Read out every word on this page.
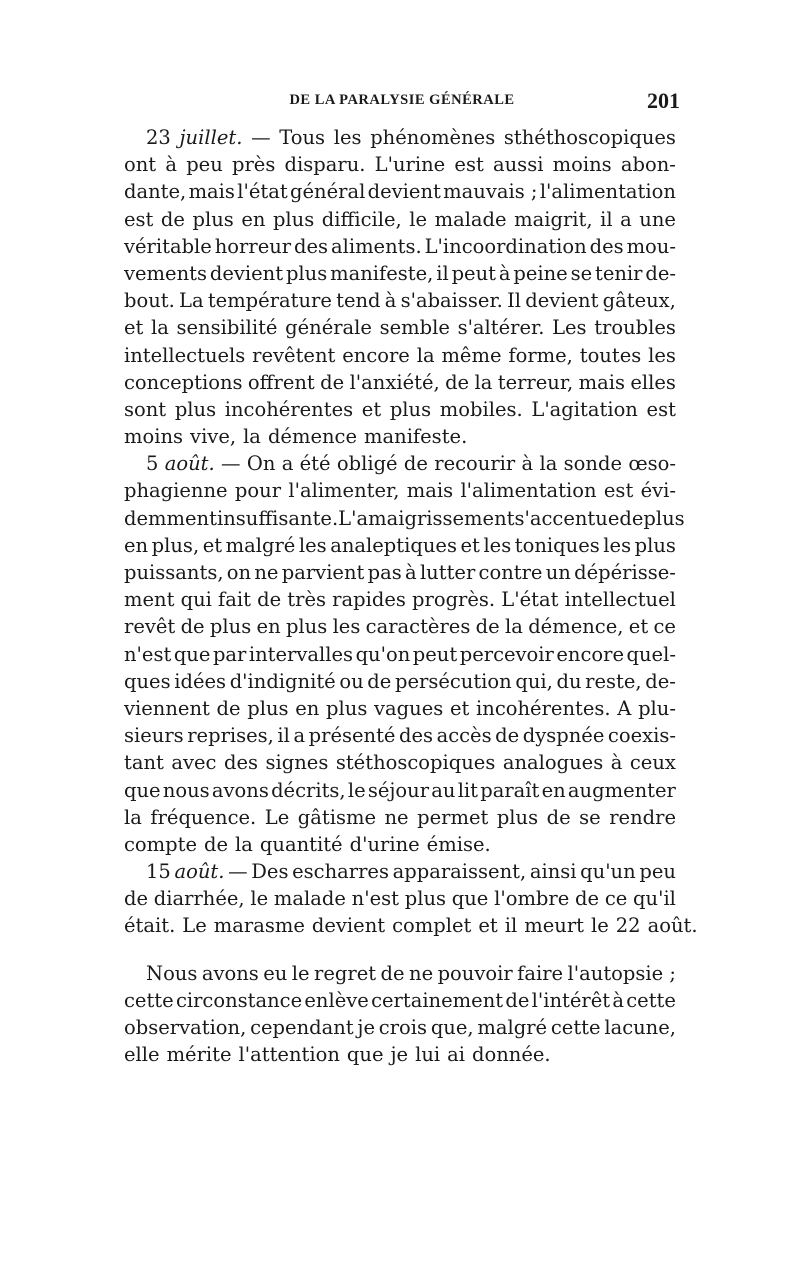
DE LA PARALYSIE GÉNÉRALE	201
23 juillet. — Tous les phénomènes sthéthoscopiques
ont à peu près disparu. L'urine est aussi moins abon-
dante, mais l'état général devient mauvais ; l'alimentation
est de plus en plus difficile, le malade maigrit, il a une
véritable horreur des aliments. L'incoordination des mou-
vements devient plus manifeste, il peut à peine se tenir de-
bout. La température tend à s'abaisser. Il devient gâteux,
et la sensibilité générale semble s'altérer. Les troubles
intellectuels revêtent encore la même forme, toutes les
conceptions offrent de l'anxiété, de la terreur, mais elles
sont plus incohérentes et plus mobiles. L'agitation est
moins vive, la démence manifeste.
5 août. — On a été obligé de recourir à la sonde œso-
phagienne pour l'alimenter, mais l'alimentation est évi-
demment insuffisante. L'amaigrissement s'accentue de plus
en plus, et malgré les analeptiques et les toniques les plus
puissants, on ne parvient pas à lutter contre un dépérisse-
ment qui fait de très rapides progrès. L'état intellectuel
revêt de plus en plus les caractères de la démence, et ce
n'est que par intervalles qu'on peut percevoir encore quel-
ques idées d'indignité ou de persécution qui, du reste, de-
viennent de plus en plus vagues et incohérentes. A plu-
sieurs reprises, il a présenté des accès de dyspnée coexis-
tant avec des signes stéthoscopiques analogues à ceux
que nous avons décrits, le séjour au lit paraît en augmenter
la fréquence. Le gâtisme ne permet plus de se rendre
compte de la quantité d'urine émise.
15 août. — Des escharres apparaissent, ainsi qu'un peu
de diarrhée, le malade n'est plus que l'ombre de ce qu'il
était. Le marasme devient complet et il meurt le 22 août.
Nous avons eu le regret de ne pouvoir faire l'autopsie ;
cette circonstance enlève certainement de l'intérêt à cette
observation, cependant je crois que, malgré cette lacune,
elle mérite l'attention que je lui ai donnée.
